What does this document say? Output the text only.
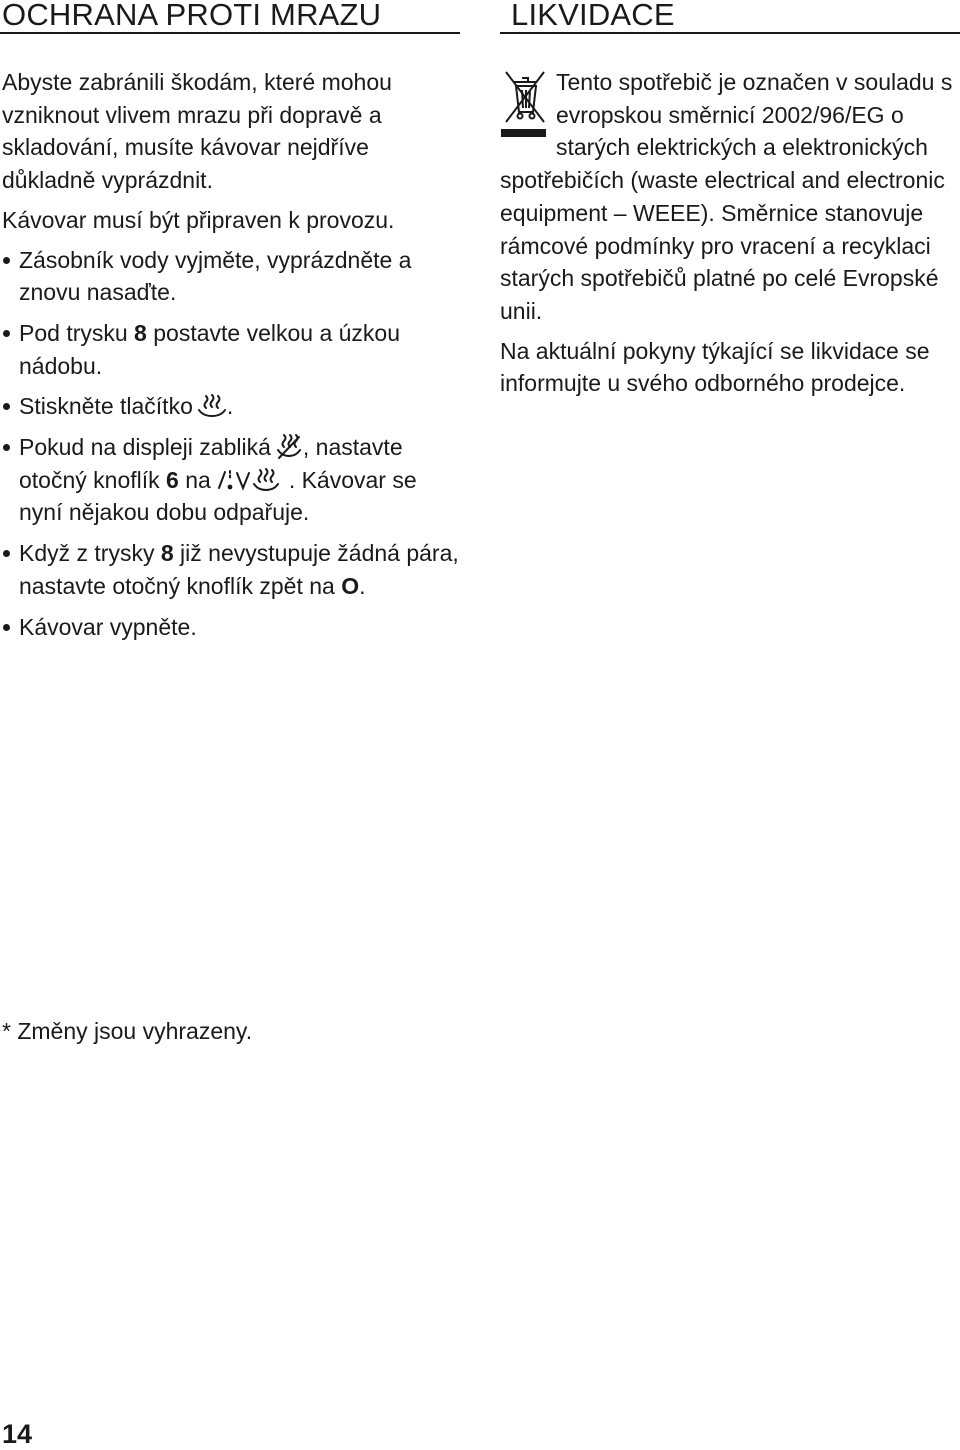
OCHRANA PROTI MRAZU

Abyste zabránili škodám, které mohou vzniknout vlivem mrazu při dopravě a skladování, musíte kávovar nejdříve důkladně vyprázdnit.

Kávovar musí být připraven k provozu.

Zásobník vody vyjměte, vyprázdněte a znovu nasaďte.
Pod trysku 8 postavte velkou a úzkou nádobu.
Stiskněte tlačítko .
Pokud na displeji zabliká , nastavte otočný knoflík 6 na	. Kávovar se nyní nějakou dobu odpařuje.
Když z trysky 8 již nevystupuje žádná pára, nastavte otočný knoflík zpět na O.
Kávovar vypněte.
LIKVIDACE

Tento spotřebič je označen v souladu s evropskou směrnicí 2002/96/EG o starých elektrických a elektronických spotřebičích (waste electrical and electronic equipment – WEEE). Směrnice stanovuje rámcové podmínky pro vracení a recyklaci starých spotřebičů platné po celé Evropské unii.

Na aktuální pokyny týkající se likvidace se informujte u svého odborného prodejce.

* Změny jsou vyhrazeny.
14
